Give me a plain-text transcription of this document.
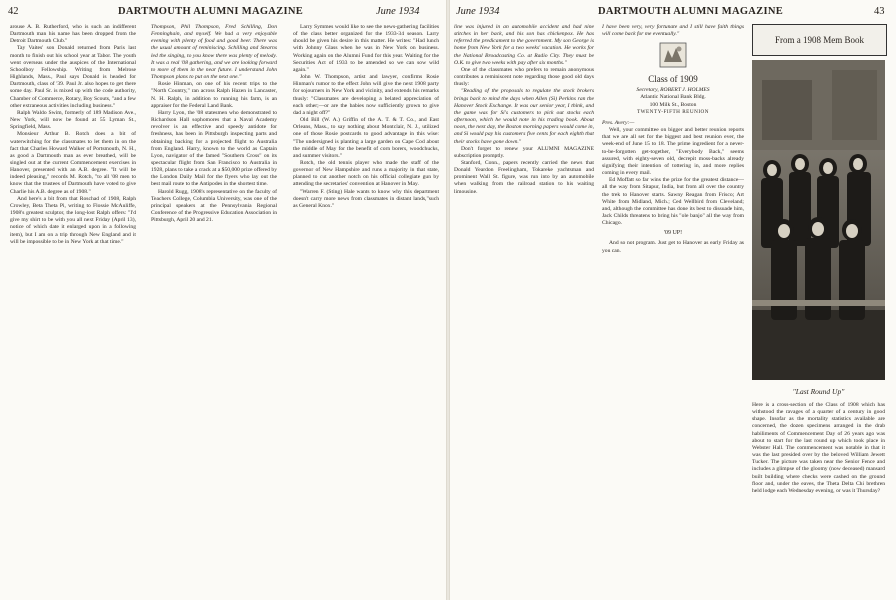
42	DARTMOUTH ALUMNI MAGAZINE	June 1934

arouse A. B. Rutherford, who is such an indifferent Dartmouth man his name has been dropped from the Detroit Dartmouth Club."

Tay Vaites' son Donald returned from Paris last month to finish out his school year at Tabor. The youth went overseas under the auspices of the International Schoolboy Fellowship. Writing from Melrose Highlands, Mass., Paul says Donald is headed for Dartmouth, class of '39. Paul Jr. also hopes to get there some day. Paul Sr. is mixed up with the code authority, Chamber of Commerce, Rotary, Boy Scouts, "and a few other extraneous activities including business."

Ralph Waldo Swim, formerly of 189 Madison Ave., New York, will now be found at 55 Lyman St., Springfield, Mass.

Monsieur Arthur B. Rotch does a bit of waterwitching for the classmates to let them in on the fact that Charles Howard Walker of Portsmouth, N. H., as good a Dartmouth man as ever breathed, will be singled out at the current Commencement exercises in Hanover, presented with an A.B. degree. "It will be indeed pleasing," records M. Rotch, "to all '08 men to know that the trustees of Dartmouth have voted to give Charlie his A.B. degree as of 1908."

And here's a bit from that Roschad of 1908, Ralph Crowley, Beta Theta Pi, writing to Flossie McAuliffe, 1908's greatest sculptor, the long-lost Ralph offers: "I'd give my shirt to be with you all next Friday (April 13), notice of which date it enlarged upon in a following item), but I am on a trip through New England and it will be impossible to be in New York at that time."

Thompson, Phil Thompson, Fred Schilling, Don Fenninghain, and myself. We had a very enjoyable evening with plenty of food and good beer. There was the usual amount of reminiscing. Schilling and Stearns led the singing, to you know there was plenty of melody. It was a real '08 gathering, and we are looking forward to more of them in the near future. I understand John Thompson plans to put on the next one."

Rosie Hinman, on one of his recent trips to the "North Country," ran across Ralph Hazen in Lancaster, N. H. Ralph, in addition to running his farm, is an appraiser for the Federal Land Bank.

Harry Lyon, the '08 statesmen who demonstrated to Richardson Hall sophomores that a Naval Academy revolver is an effective and speedy antidote for freshness, has been in Pittsburgh inspecting parts and obtaining backing for a projected flight to Australia from England. Harry, known to the world as Captain Lyon, navigator of the famed "Southern Cross" on its spectacular flight from San Francisco to Australia in 1928, plans to take a crack at a $50,000 prize offered by the London Daily Mail for the flyers who lay out the best mail route to the Antipodes in the shortest time.

Harold Rugg, 1908's representative on the faculty of Teachers College, Columbia University, was one of the principal speakers at the Pennsylvania Regional Conference of the Progressive Education Association in Pittsburgh, April 20 and 21.

Larry Symmes would like to see the news-gathering facilities of the class better organized for the 1933-34 season. Larry should be given his desire in this matter. He writes: "Had lunch with Johnny Glass when he was in New York on business. Working again on the Alumni Fund for this year. Waiting for the Securities Act of 1933 to be amended so we can sow wild again."

John W. Thompson, artist and lawyer, confirms Rosie Hinman's rumor to the effect John will give the next 1908 party for sojourners in New York and vicinity, and extends his remarks thusly: "Classmates are developing a belated appreciation of each other;—or are the babies now sufficiently grown to give dad a night off?"

Old Bill (W. A.) Griffin of the A. T. & T. Co., and East Orleans, Mass., to say nothing about Montclair, N. J., utilized one of those Rosie postcards to good advantage in this wise: "The undersigned is planting a large garden on Cape Cod about the middle of May for the benefit of corn borers, woodchucks, and summer visitors."

Rotch, the old tennis player who made the staff of the governor of New Hampshire and runs a majority in that state, planned to cut another notch on his official collegiate gun by attending the secretaries' convention at Hanover in May.

"Warren F. (Sting) Hale wants to know why this department doesn't carry more news from classmates in distant lands,"such as General Knox."

June 1934	DARTMOUTH ALUMNI MAGAZINE	43

line was injured in an automobile accident and had nine stitches in her back, and his son has chickenpox. He has referred the predicament to the government. My son George is home from New York for a two weeks' vacation. He works for the National Broadcasting Co. at Radio City. They must be O.K. to give two weeks with pay after six months."

One of the classmates who prefers to remain anonymous contributes a reminiscent note regarding those good old days thusly:

"Reading of the proposals to regulate the stock brokers brings back to mind the days when Allen (Si) Perkins ran the Hanover Stock Exchange. It was our senior year, I think, and the game was for Si's customers to pick out stocks each afternoon, which he would note in his trading book. About noon, the next day, the Boston morning papers would come in, and Si would pay his customers five cents for each eighth that their stocks have gone down."

Don't forget to renew your ALUMNI MAGAZINE subscription promptly.

Stanford, Conn., papers recently carried the news that Donald Yeardon Freelingham, Tokareke yachtsman and prominent Wall St. figure, was run into by an automobile when walking from the railroad station to his waiting limousine.

I have been very, very fortunate and I still have faith things will come back for me eventually."

Class of 1909
Secretary, ROBERT J. HOLMES
Atlantic National Bank Bldg.
100 Milk St., Boston
TWENTY-FIFTH REUNION

Pres. Avery:—

Well, your committee on bigger and better reunion reports that we are all set for the biggest and best reunion ever, the week-end of June 15 to 18. The prime ingredient for a never-to-be-forgotten get-together, "Everybody Back," seems assured, with eighty-seven old, decrepit moss-backs already signifying their intention of tottering in, and more replies coming in every mail.

Ed Moffatt so far wins the prize for the greatest distance—all the way from Sitapur, India, but from all over the country the trek to Hanover starts. Sawny Reagan from Frisco; Art White from Midland, Mich.; Ced Wellbird from Cleveland; and, although the committee has done its best to dissuade him, Jack Childs threatens to bring his "ole banjo" all the way from Chicago.

'09 UP!

And so not program. Just get to Hanover as early Friday as you can.

From a 1908 Mem Book
"Last Round Up"
Here is a cross-section of the Class of 1908 which has withstood the ravages of a quarter of a century in good shape. Insofar as the mortality statistics available are concerned, the dozen specimens arranged in the drab habiliments of Commencement Day of 26 years ago was about to start for the last round up which took place in Webster Hall. The commencement was notable in that it was the last presided over by the beloved William Jewett Tucker. The picture was taken near the Senior Fence and includes a glimpse of the gloomy (now deceased) mansard built building where checks were cashed on the ground floor and, under the eaves, the Theta Delta Chi brethren held lodge each Wednesday evening, or was it Thursday?
